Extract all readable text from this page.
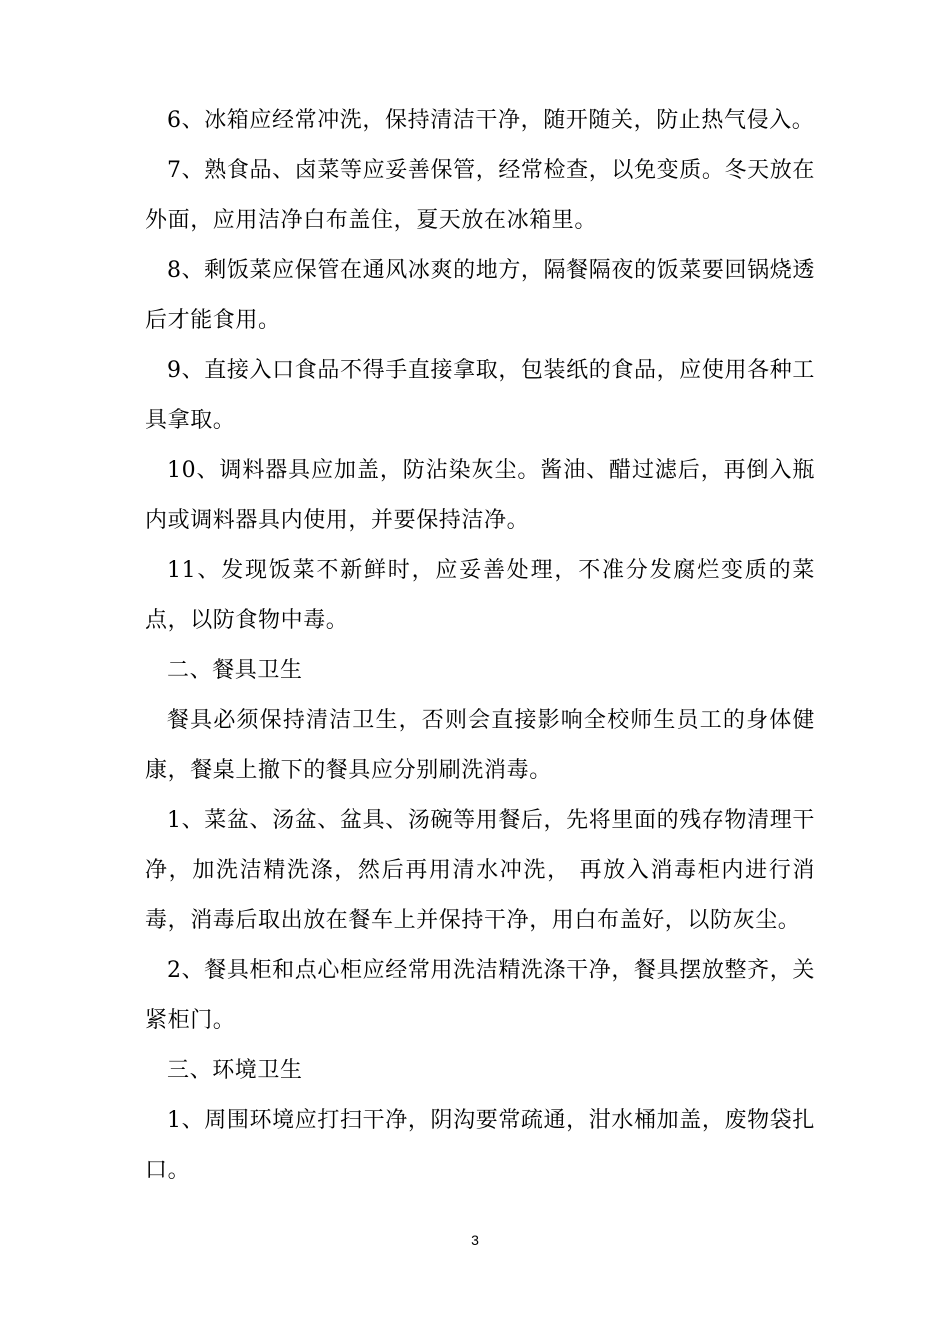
6、冰箱应经常冲洗，保持清洁干净，随开随关，防止热气侵入。

7、熟食品、卤菜等应妥善保管，经常检查，以免变质。冬天放在外面，应用洁净白布盖住，夏天放在冰箱里。

8、剩饭菜应保管在通风冰爽的地方，隔餐隔夜的饭菜要回锅烧透后才能食用。

9、直接入口食品不得手直接拿取，包装纸的食品，应使用各种工具拿取。

10、调料器具应加盖，防沾染灰尘。酱油、醋过滤后，再倒入瓶内或调料器具内使用，并要保持洁净。

11、发现饭菜不新鲜时，应妥善处理，不准分发腐烂变质的菜点，以防食物中毒。

二、餐具卫生

餐具必须保持清洁卫生，否则会直接影响全校师生员工的身体健康，餐桌上撤下的餐具应分别刷洗消毒。

1、菜盆、汤盆、盆具、汤碗等用餐后，先将里面的残存物清理干净，加洗洁精洗涤，然后再用清水冲洗， 再放入消毒柜内进行消毒，消毒后取出放在餐车上并保持干净，用白布盖好，以防灰尘。

2、餐具柜和点心柜应经常用洗洁精洗涤干净，餐具摆放整齐，关紧柜门。

三、环境卫生

1、周围环境应打扫干净，阴沟要常疏通，泔水桶加盖，废物袋扎口。

3
